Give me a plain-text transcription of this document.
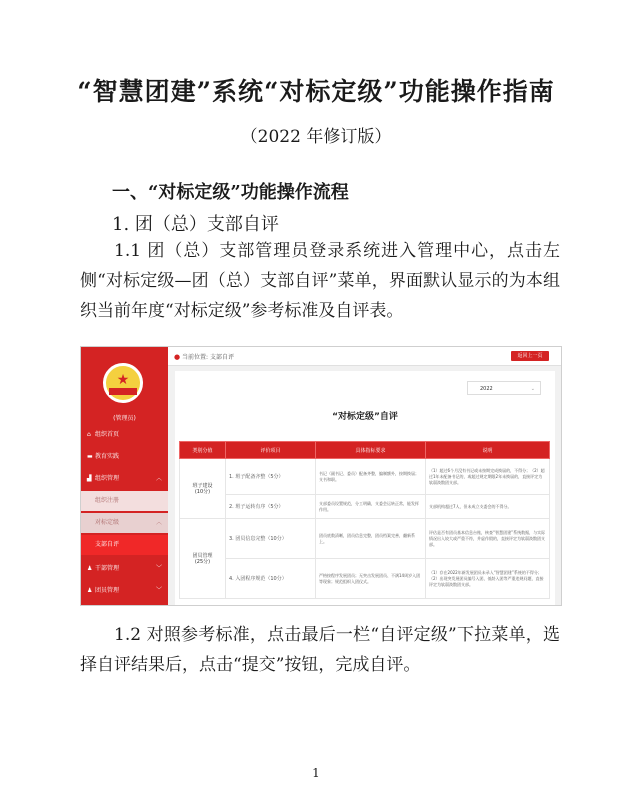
“智慧团建”系统“对标定级”功能操作指南
（2022 年修订版）
一、“对标定级”功能操作流程
1. 团（总）支部自评
1.1 团（总）支部管理员登录系统进入管理中心，点击左侧“对标定级—团（总）支部自评”菜单，界面默认显示的为本组织当前年度“对标定级”参考标准及自评表。
★
(管理员)
⌂ 组织首页
▬ 教育实践
▟ 组织管理	︿
组织注册
对标定级	︿
支部自评
♟ 干部管理	﹀
♟ 团员管理	﹀
● 当前位置: 支部自评	返回上一页
2022	⌄
“对标定级”自评
类别分值	评价项目	具体指标要求	说明
班子建设
(10分)	1. 班子配备齐整（5分）	书记（副书记、委员）配备齐整，编制额外，按期换届；支书和职。	（1）超过6个月没有书记或未按期完成换届的，不得分；（2）超过1年未配备书记的，或超过规定期限2年未换届的，直接评定为软弱涣散团支部。
	2. 班子运转有序（5分）	支部委员设置规范，分工明确，支委会运转正常，能发挥作用。	支部机构超过7人，但未成立支委会的不得分。
团员管理
(25分)	3. 团员信息完整（10分）	团员底数清晰，团员信息完整，团员档案完善，翻新系上。	评估是否有团员基本信息台账，核查“智慧团建”系统数据，与实际情况出入较大或严重不符，并虚作假的，直接评定为软弱涣散团支部。
	4. 入团程序规范（10分）	严格按程序发展团员；无突击发展团员、不满14周岁入团等现象；规范组织入团仪式。	（1）存在2022年新发展团员未录入“智慧团建”系统的不得分；（2）出现突发展团员编号入团、低龄入团等严重违规问题，直接评定为软弱涣散团支部。
1.2 对照参考标准，点击最后一栏“自评定级”下拉菜单，选择自评结果后，点击“提交”按钮，完成自评。
1
